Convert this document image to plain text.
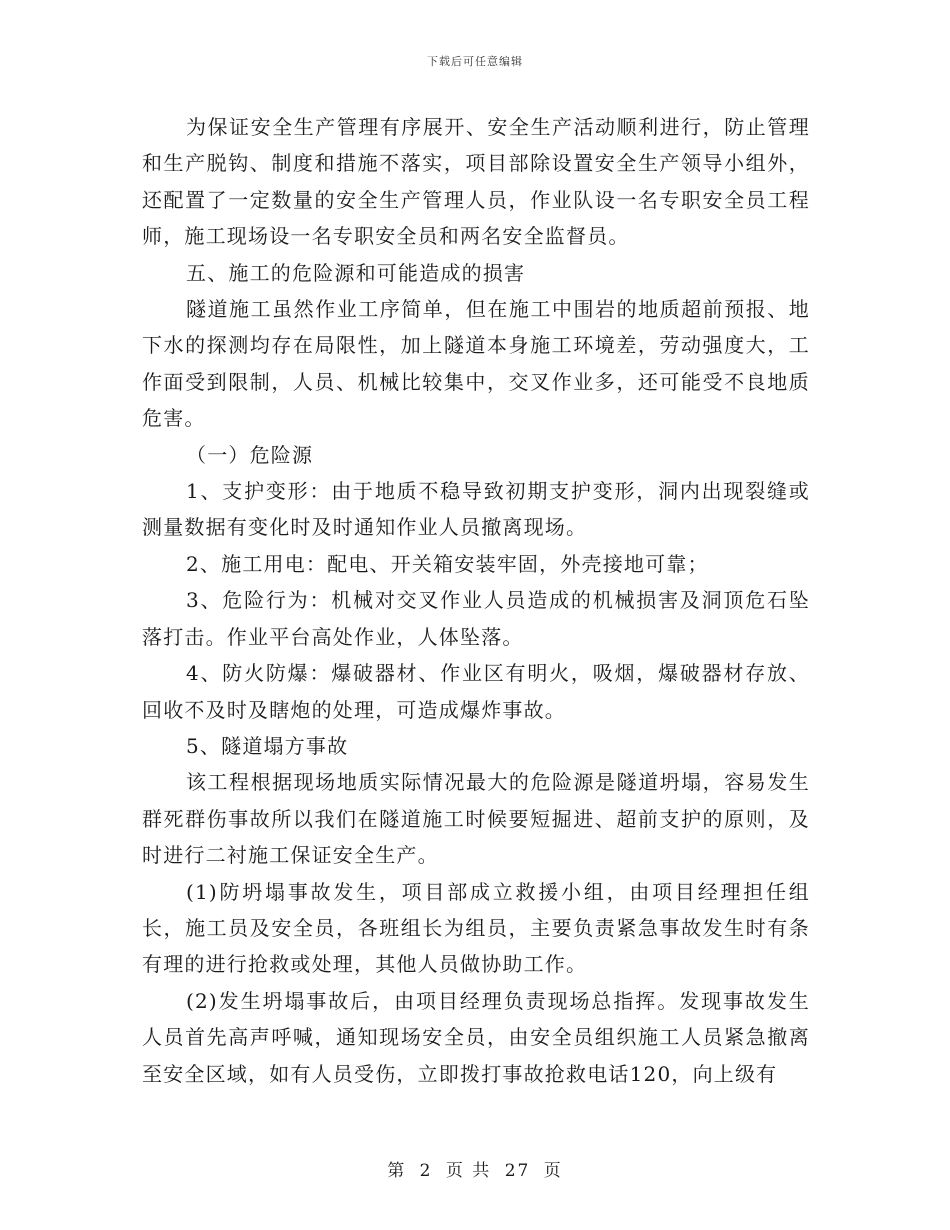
下载后可任意编辑

为保证安全生产管理有序展开、安全生产活动顺利进行，防止管理和生产脱钩、制度和措施不落实，项目部除设置安全生产领导小组外，还配置了一定数量的安全生产管理人员，作业队设一名专职安全员工程师，施工现场设一名专职安全员和两名安全监督员。

五、施工的危险源和可能造成的损害

隧道施工虽然作业工序简单，但在施工中围岩的地质超前预报、地下水的探测均存在局限性，加上隧道本身施工环境差，劳动强度大，工作面受到限制，人员、机械比较集中，交叉作业多，还可能受不良地质危害。

（一）危险源

1、支护变形：由于地质不稳导致初期支护变形，洞内出现裂缝或测量数据有变化时及时通知作业人员撤离现场。

2、施工用电：配电、开关箱安装牢固，外壳接地可靠；

3、危险行为：机械对交叉作业人员造成的机械损害及洞顶危石坠落打击。作业平台高处作业，人体坠落。

4、防火防爆：爆破器材、作业区有明火，吸烟，爆破器材存放、回收不及时及瞎炮的处理，可造成爆炸事故。

5、隧道塌方事故

该工程根据现场地质实际情况最大的危险源是隧道坍塌，容易发生群死群伤事故所以我们在隧道施工时候要短掘进、超前支护的原则，及时进行二衬施工保证安全生产。

(1)防坍塌事故发生，项目部成立救援小组，由项目经理担任组长，施工员及安全员，各班组长为组员，主要负责紧急事故发生时有条有理的进行抢救或处理，其他人员做协助工作。

(2)发生坍塌事故后，由项目经理负责现场总指挥。发现事故发生人员首先高声呼喊，通知现场安全员，由安全员组织施工人员紧急撤离至安全区域，如有人员受伤，立即拨打事故抢救电话120，向上级有

第 2 页 共 27 页
